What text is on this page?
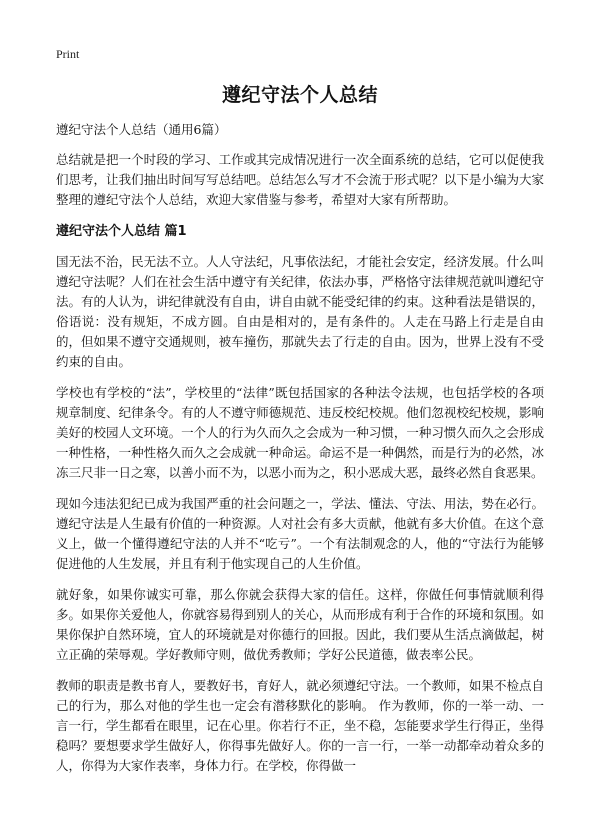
Print
遵纪守法个人总结

遵纪守法个人总结（通用6篇）

总结就是把一个时段的学习、工作或其完成情况进行一次全面系统的总结，它可以促使我们思考，让我们抽出时间写写总结吧。总结怎么写才不会流于形式呢？以下是小编为大家整理的遵纪守法个人总结，欢迎大家借鉴与参考，希望对大家有所帮助。

遵纪守法个人总结 篇1

国无法不治，民无法不立。人人守法纪，凡事依法纪，才能社会安定，经济发展。什么叫遵纪守法呢？人们在社会生活中遵守有关纪律，依法办事，严格恪守法律规范就叫遵纪守法。有的人认为，讲纪律就没有自由，讲自由就不能受纪律的约束。这种看法是错误的，俗语说：没有规矩，不成方圆。自由是相对的，是有条件的。人走在马路上行走是自由的，但如果不遵守交通规则，被车撞伤，那就失去了行走的自由。因为，世界上没有不受约束的自由。

学校也有学校的“法”，学校里的“法律”既包括国家的各种法令法规，也包括学校的各项规章制度、纪律条令。有的人不遵守师德规范、违反校纪校规。他们忽视校纪校规，影响美好的校园人文环境。一个人的行为久而久之会成为一种习惯，一种习惯久而久之会形成一种性格，一种性格久而久之会成就一种命运。命运不是一种偶然，而是行为的必然，冰冻三尺非一日之寒，以善小而不为，以恶小而为之，积小恶成大恶，最终必然自食恶果。

现如今违法犯纪已成为我国严重的社会问题之一，学法、懂法、守法、用法，势在必行。遵纪守法是人生最有价值的一种资源。人对社会有多大贡献，他就有多大价值。在这个意义上，做一个懂得遵纪守法的人并不“吃亏”。一个有法制观念的人，他的“守法行为能够促进他的人生发展，并且有利于他实现自己的人生价值。

就好象，如果你诚实可靠，那么你就会获得大家的信任。这样，你做任何事情就顺利得多。如果你关爱他人，你就容易得到别人的关心，从而形成有利于合作的环境和氛围。如果你保护自然环境，宜人的环境就是对你德行的回报。因此，我们要从生活点滴做起，树立正确的荣辱观。学好教师守则，做优秀教师；学好公民道德，做表率公民。

教师的职责是教书育人，要教好书，育好人，就必须遵纪守法。一个教师，如果不检点自己的行为，那么对他的学生也一定会有潜移默化的影响。 作为教师，你的一举一动、一言一行，学生都看在眼里，记在心里。你若行不正，坐不稳，怎能要求学生行得正，坐得稳吗？要想要求学生做好人，你得事先做好人。你的一言一行，一举一动都牵动着众多的人，你得为大家作表率，身体力行。在学校，你得做一
